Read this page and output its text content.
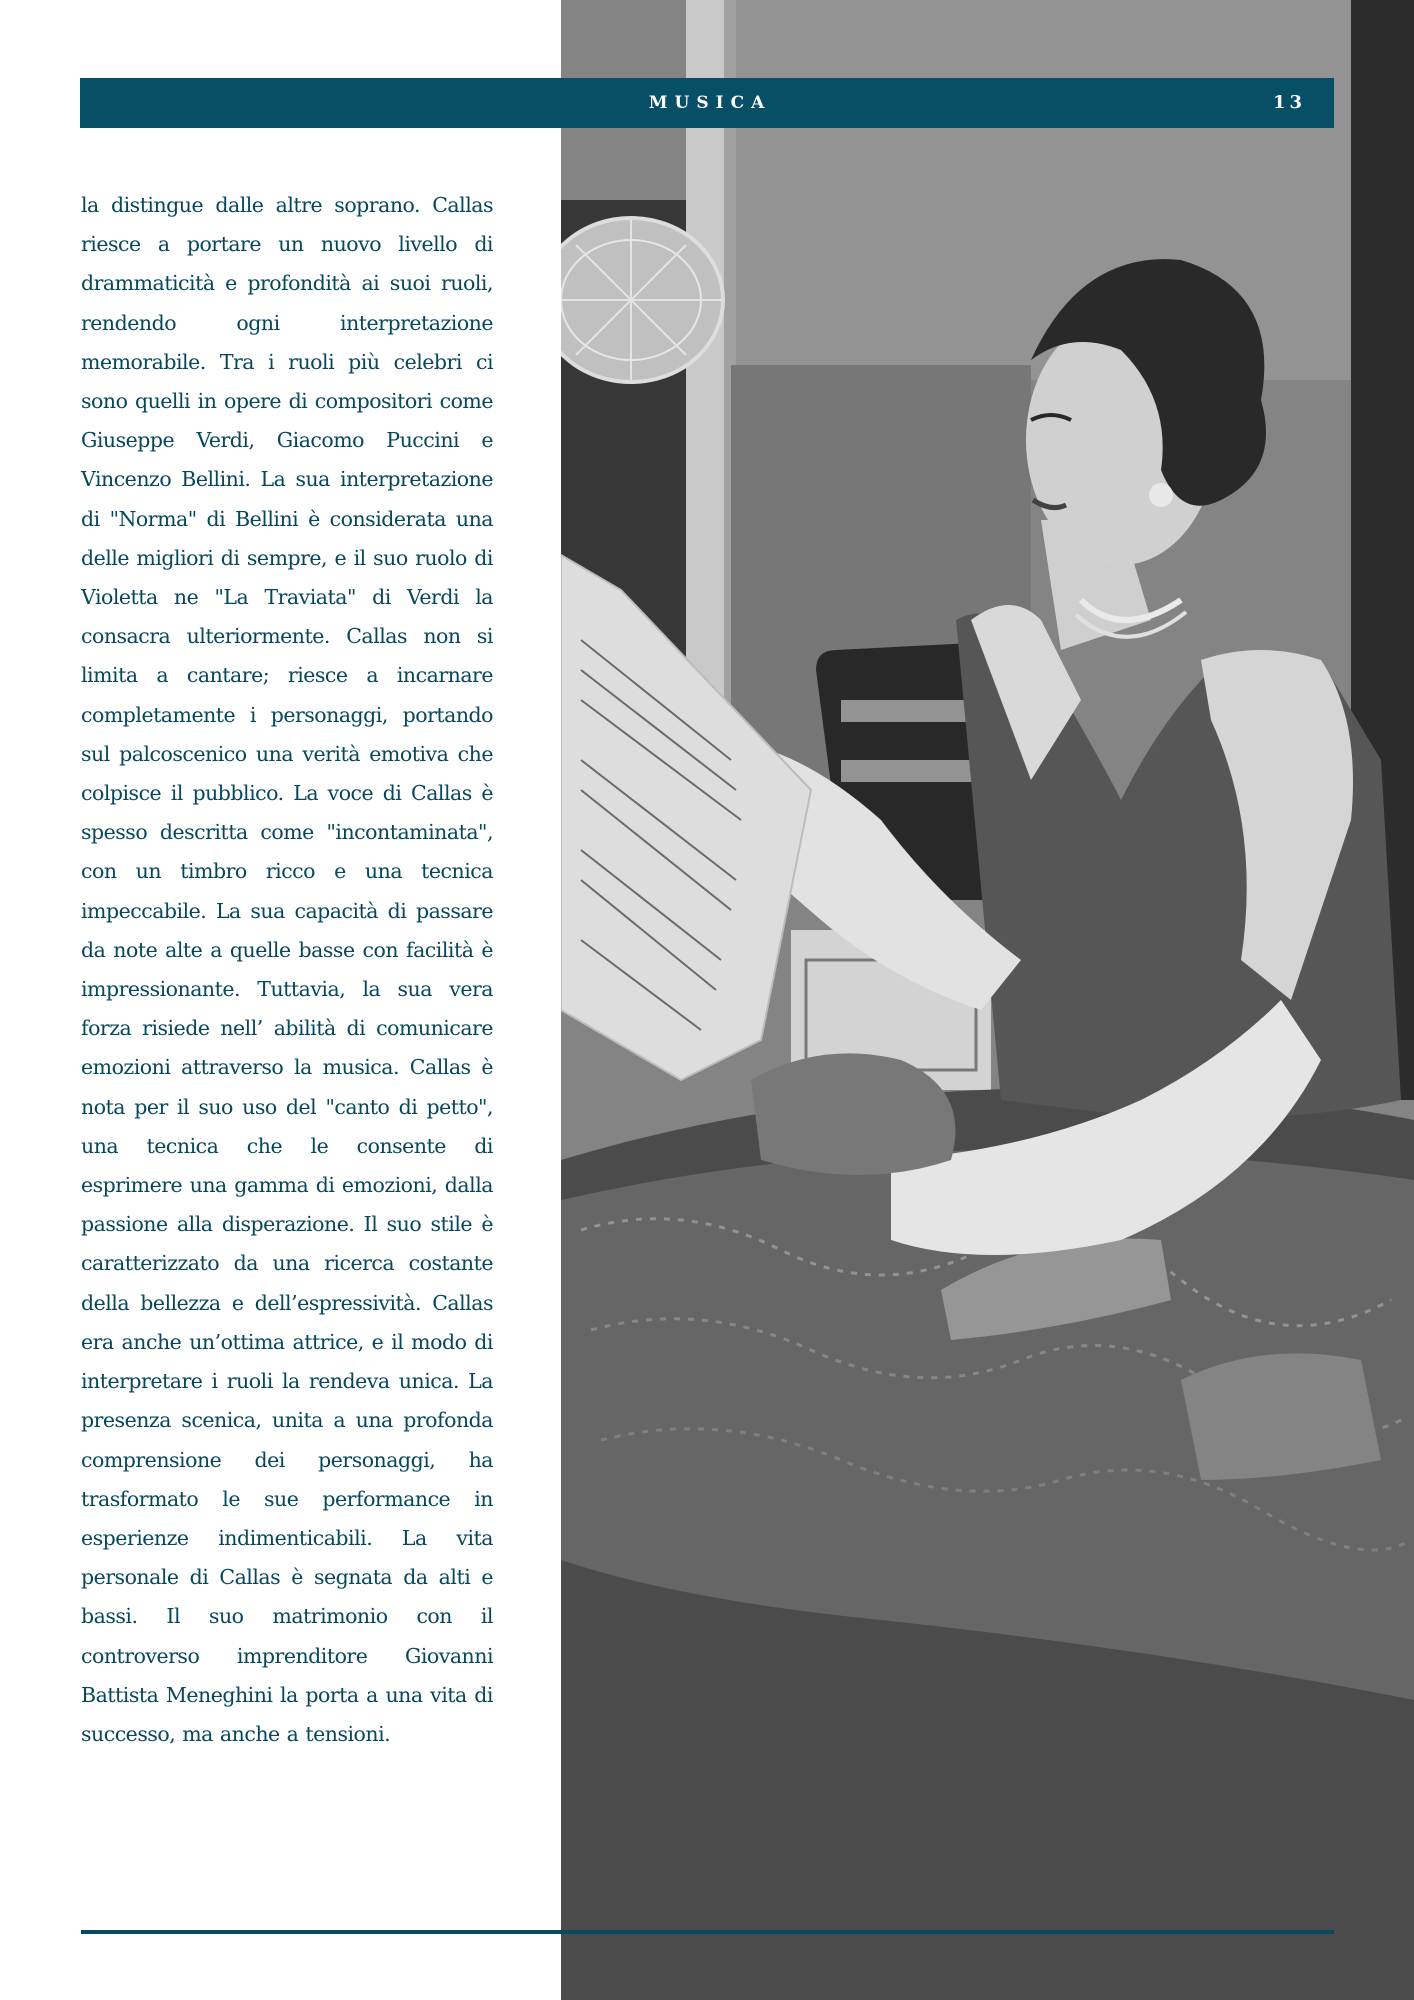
MUSICA	13

la distingue dalle altre soprano. Callas riesce a portare un nuovo livello di drammaticità e profondità ai suoi ruoli, rendendo ogni interpretazione memorabile. Tra i ruoli più celebri ci sono quelli in opere di compositori come Giuseppe Verdi, Giacomo Puccini e Vincenzo Bellini. La sua interpretazione di "Norma" di Bellini è considerata una delle migliori di sempre, e il suo ruolo di Violetta ne "La Traviata" di Verdi la consacra ulteriormente. Callas non si limita a cantare; riesce a incarnare completamente i personaggi, portando sul palcoscenico una verità emotiva che colpisce il pubblico. La voce di Callas è spesso descritta come "incontaminata", con un timbro ricco e una tecnica impeccabile. La sua capacità di passare da note alte a quelle basse con facilità è impressionante. Tuttavia, la sua vera forza risiede nell’ abilità di comunicare emozioni attraverso la musica. Callas è nota per il suo uso del "canto di petto", una tecnica che le consente di esprimere una gamma di emozioni, dalla passione alla disperazione. Il suo stile è caratterizzato da una ricerca costante della bellezza e dell’espressività. Callas era anche un’ottima attrice, e il modo di interpretare i ruoli la rendeva unica. La presenza scenica, unita a una profonda comprensione dei personaggi, ha trasformato le sue performance in esperienze indimenticabili. La vita personale di Callas è segnata da alti e bassi. Il suo matrimonio con il controverso imprenditore Giovanni Battista Meneghini la porta a una vita di successo, ma anche a tensioni.
